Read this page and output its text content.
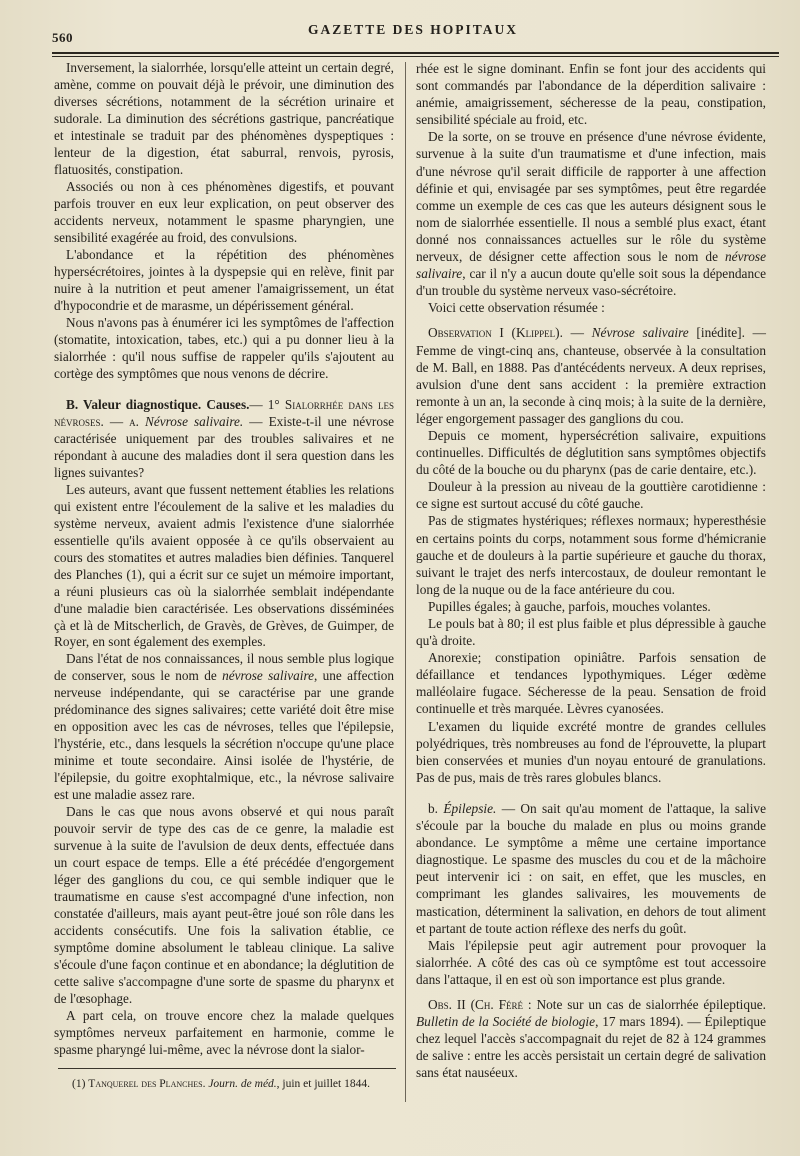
560
GAZETTE DES HOPITAUX

Inversement, la sialorrhée, lorsqu'elle atteint un certain degré, amène, comme on pouvait déjà le prévoir, une diminution des diverses sécrétions, notamment de la sécrétion urinaire et sudorale. La diminution des sécrétions gastrique, pancréatique et intestinale se traduit par des phénomènes dyspeptiques : lenteur de la digestion, état saburral, renvois, pyrosis, flatuosités, constipation.

Associés ou non à ces phénomènes digestifs, et pouvant parfois trouver en eux leur explication, on peut observer des accidents nerveux, notamment le spasme pharyngien, une sensibilité exagérée au froid, des convulsions.

L'abondance et la répétition des phénomènes hypersécrétoires, jointes à la dyspepsie qui en relève, finit par nuire à la nutrition et peut amener l'amaigrissement, un état d'hypocondrie et de marasme, un dépérissement général.

Nous n'avons pas à énumérer ici les symptômes de l'affection (stomatite, intoxication, tabes, etc.) qui a pu donner lieu à la sialorrhée : qu'il nous suffise de rappeler qu'ils s'ajoutent au cortège des symptômes que nous venons de décrire.

B. Valeur diagnostique. Causes.— 1° Sialorrhée dans les névroses. — a. Névrose salivaire. — Existe-t-il une névrose caractérisée uniquement par des troubles salivaires et ne répondant à aucune des maladies dont il sera question dans les lignes suivantes?

Les auteurs, avant que fussent nettement établies les relations qui existent entre l'écoulement de la salive et les maladies du système nerveux, avaient admis l'existence d'une sialorrhée essentielle qu'ils avaient opposée à ce qu'ils observaient au cours des stomatites et autres maladies bien définies. Tanquerel des Planches (1), qui a écrit sur ce sujet un mémoire important, a réuni plusieurs cas où la sialorrhée semblait indépendante d'une maladie bien caractérisée. Les observations disséminées çà et là de Mitscherlich, de Gravès, de Grèves, de Guimper, de Royer, en sont également des exemples.

Dans l'état de nos connaissances, il nous semble plus logique de conserver, sous le nom de névrose salivaire, une affection nerveuse indépendante, qui se caractérise par une grande prédominance des signes salivaires; cette variété doit être mise en opposition avec les cas de névroses, telles que l'épilepsie, l'hystérie, etc., dans lesquels la sécrétion n'occupe qu'une place minime et toute secondaire. Ainsi isolée de l'hystérie, de l'épilepsie, du goitre exophtalmique, etc., la névrose salivaire est une maladie assez rare.

Dans le cas que nous avons observé et qui nous paraît pouvoir servir de type des cas de ce genre, la maladie est survenue à la suite de l'avulsion de deux dents, effectuée dans un court espace de temps. Elle a été précédée d'engorgement léger des ganglions du cou, ce qui semble indiquer que le traumatisme en cause s'est accompagné d'une infection, non constatée d'ailleurs, mais ayant peut-être joué son rôle dans les accidents consécutifs. Une fois la salivation établie, ce symptôme domine absolument le tableau clinique. La salive s'écoule d'une façon continue et en abondance; la déglutition de cette salive s'accompagne d'une sorte de spasme du pharynx et de l'œsophage.

A part cela, on trouve encore chez la malade quelques symptômes nerveux parfaitement en harmonie, comme le spasme pharyngé lui-même, avec la névrose dont la sialor-

rhée est le signe dominant. Enfin se font jour des accidents qui sont commandés par l'abondance de la déperdition salivaire : anémie, amaigrissement, sécheresse de la peau, constipation, sensibilité spéciale au froid, etc.

De la sorte, on se trouve en présence d'une névrose évidente, survenue à la suite d'un traumatisme et d'une infection, mais d'une névrose qu'il serait difficile de rapporter à une affection définie et qui, envisagée par ses symptômes, peut être regardée comme un exemple de ces cas que les auteurs désignent sous le nom de sialorrhée essentielle. Il nous a semblé plus exact, étant donné nos connaissances actuelles sur le rôle du système nerveux, de désigner cette affection sous le nom de névrose salivaire, car il n'y a aucun doute qu'elle soit sous la dépendance d'un trouble du système nerveux vaso-sécrétoire.

Voici cette observation résumée :

Observation I (Klippel). — Névrose salivaire [inédite]. — Femme de vingt-cinq ans, chanteuse, observée à la consultation de M. Ball, en 1888. Pas d'antécédents nerveux. A deux reprises, avulsion d'une dent sans accident : la première extraction remonte à un an, la seconde à cinq mois; à la suite de la dernière, léger engorgement passager des ganglions du cou.

Depuis ce moment, hypersécrétion salivaire, expuitions continuelles. Difficultés de déglutition sans symptômes objectifs du côté de la bouche ou du pharynx (pas de carie dentaire, etc.).

Douleur à la pression au niveau de la gouttière carotidienne : ce signe est surtout accusé du côté gauche.

Pas de stigmates hystériques; réflexes normaux; hyperesthésie en certains points du corps, notamment sous forme d'hémicranie gauche et de douleurs à la partie supérieure et gauche du thorax, suivant le trajet des nerfs intercostaux, de douleur remontant le long de la nuque ou de la face antérieure du cou.

Pupilles égales; à gauche, parfois, mouches volantes.

Le pouls bat à 80; il est plus faible et plus dépressible à gauche qu'à droite.

Anorexie; constipation opiniâtre. Parfois sensation de défaillance et tendances lypothymiques. Léger œdème malléolaire fugace. Sécheresse de la peau. Sensation de froid continuelle et très marquée. Lèvres cyanosées.

L'examen du liquide excrété montre de grandes cellules polyédriques, très nombreuses au fond de l'éprouvette, la plupart bien conservées et munies d'un noyau entouré de granulations. Pas de pus, mais de très rares globules blancs.

b. Épilepsie. — On sait qu'au moment de l'attaque, la salive s'écoule par la bouche du malade en plus ou moins grande abondance. Le symptôme a même une certaine importance diagnostique. Le spasme des muscles du cou et de la mâchoire peut intervenir ici : on sait, en effet, que les muscles, en comprimant les glandes salivaires, les mouvements de mastication, déterminent la salivation, en dehors de tout aliment et partant de toute action réflexe des nerfs du goût.

Mais l'épilepsie peut agir autrement pour provoquer la sialorrhée. A côté des cas où ce symptôme est tout accessoire dans l'attaque, il en est où son importance est plus grande.

Obs. II (Ch. Féré : Note sur un cas de sialorrhée épileptique. Bulletin de la Société de biologie, 17 mars 1894). — Épileptique chez lequel l'accès s'accompagnait du rejet de 82 à 124 grammes de salive : entre les accès persistait un certain degré de salivation sans état nauséeux.

(1) Tanquerel des Planches. Journ. de méd., juin et juillet 1844.
